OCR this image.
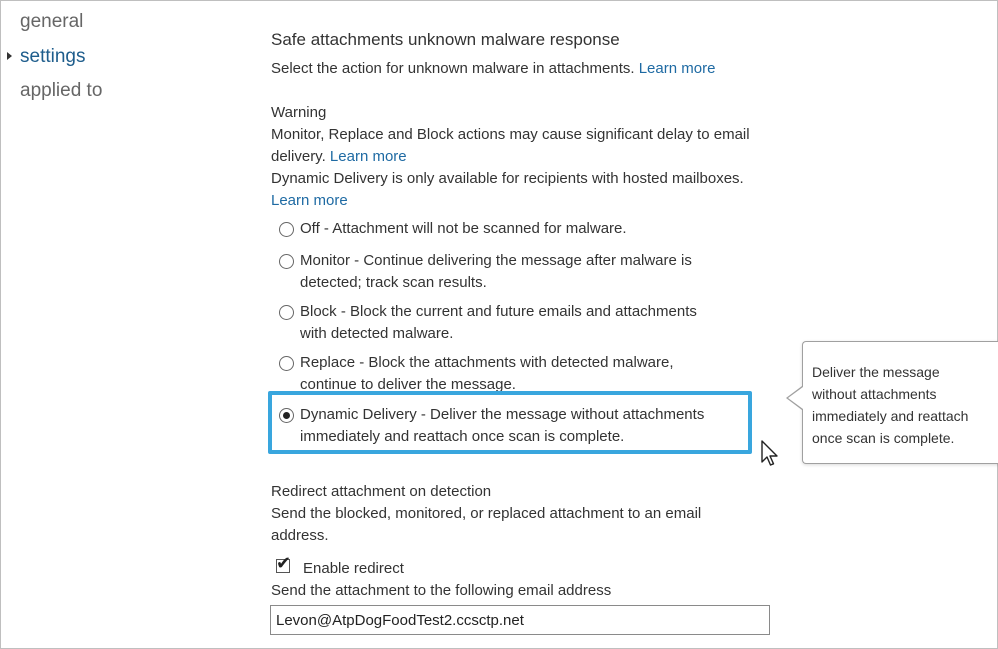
general
settings
applied to
Safe attachments unknown malware response
Select the action for unknown malware in attachments. Learn more
Warning
Monitor, Replace and Block actions may cause significant delay to email
delivery. Learn more
Dynamic Delivery is only available for recipients with hosted mailboxes.
Learn more
Off - Attachment will not be scanned for malware.
Monitor - Continue delivering the message after malware is
detected; track scan results.
Block - Block the current and future emails and attachments
with detected malware.
Replace - Block the attachments with detected malware,
continue to deliver the message.
Dynamic Delivery - Deliver the message without attachments
immediately and reattach once scan is complete.
Deliver the message
without attachments
immediately and reattach
once scan is complete.
Redirect attachment on detection
Send the blocked, monitored, or replaced attachment to an email
address.
✔ Enable redirect
Send the attachment to the following email address
Levon@AtpDogFoodTest2.ccsctp.net
